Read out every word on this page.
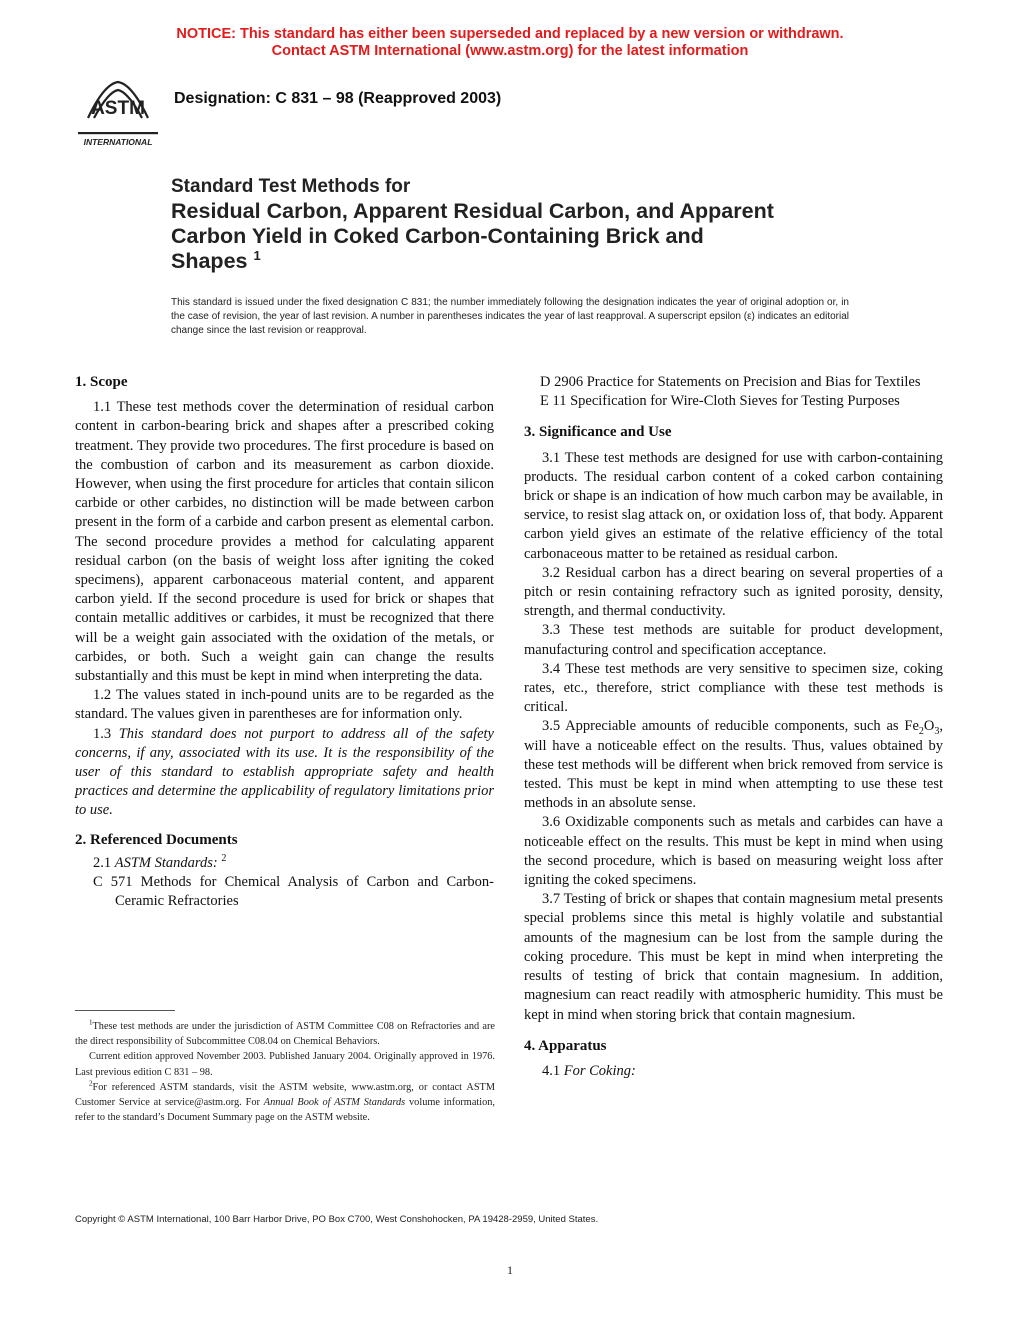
NOTICE: This standard has either been superseded and replaced by a new version or withdrawn.
Contact ASTM International (www.astm.org) for the latest information
ASTM
INTERNATIONAL
Designation: C 831 – 98 (Reapproved 2003)
Standard Test Methods for
Residual Carbon, Apparent Residual Carbon, and Apparent
Carbon Yield in Coked Carbon-Containing Brick and
Shapes $^1$
This standard is issued under the fixed designation C 831; the number immediately following the designation indicates the year of original adoption or, in the case of revision, the year of last revision. A number in parentheses indicates the year of last reapproval. A superscript epsilon (ε) indicates an editorial change since the last revision or reapproval.
1. Scope

1.1 These test methods cover the determination of residual carbon content in carbon-bearing brick and shapes after a prescribed coking treatment. They provide two procedures. The first procedure is based on the combustion of carbon and its measurement as carbon dioxide. However, when using the first procedure for articles that contain silicon carbide or other carbides, no distinction will be made between carbon present in the form of a carbide and carbon present as elemental carbon. The second procedure provides a method for calculating apparent residual carbon (on the basis of weight loss after igniting the coked specimens), apparent carbonaceous material content, and apparent carbon yield. If the second procedure is used for brick or shapes that contain metallic additives or carbides, it must be recognized that there will be a weight gain associated with the oxidation of the metals, or carbides, or both. Such a weight gain can change the results substantially and this must be kept in mind when interpreting the data.

1.2 The values stated in inch-pound units are to be regarded as the standard. The values given in parentheses are for information only.

1.3 This standard does not purport to address all of the safety concerns, if any, associated with its use. It is the responsibility of the user of this standard to establish appropriate safety and health practices and determine the applicability of regulatory limitations prior to use.

2. Referenced Documents

2.1 ASTM Standards: $^2$

C 571 Methods for Chemical Analysis of Carbon and Carbon-Ceramic Refractories

$^1$These test methods are under the jurisdiction of ASTM Committee C08 on Refractories and are the direct responsibility of Subcommittee C08.04 on Chemical Behaviors.

Current edition approved November 2003. Published January 2004. Originally approved in 1976. Last previous edition C 831 – 98.

$^2$For referenced ASTM standards, visit the ASTM website, www.astm.org, or contact ASTM Customer Service at service@astm.org. For Annual Book of ASTM Standards volume information, refer to the standard’s Document Summary page on the ASTM website.

D 2906 Practice for Statements on Precision and Bias for Textiles

E 11 Specification for Wire-Cloth Sieves for Testing Purposes

3. Significance and Use

3.1 These test methods are designed for use with carbon-containing products. The residual carbon content of a coked carbon containing brick or shape is an indication of how much carbon may be available, in service, to resist slag attack on, or oxidation loss of, that body. Apparent carbon yield gives an estimate of the relative efficiency of the total carbonaceous matter to be retained as residual carbon.

3.2 Residual carbon has a direct bearing on several properties of a pitch or resin containing refractory such as ignited porosity, density, strength, and thermal conductivity.

3.3 These test methods are suitable for product development, manufacturing control and specification acceptance.

3.4 These test methods are very sensitive to specimen size, coking rates, etc., therefore, strict compliance with these test methods is critical.

3.5 Appreciable amounts of reducible components, such as $Fe_2O_3$, will have a noticeable effect on the results. Thus, values obtained by these test methods will be different when brick removed from service is tested. This must be kept in mind when attempting to use these test methods in an absolute sense.

3.6 Oxidizable components such as metals and carbides can have a noticeable effect on the results. This must be kept in mind when using the second procedure, which is based on measuring weight loss after igniting the coked specimens.

3.7 Testing of brick or shapes that contain magnesium metal presents special problems since this metal is highly volatile and substantial amounts of the magnesium can be lost from the sample during the coking procedure. This must be kept in mind when interpreting the results of testing of brick that contain magnesium. In addition, magnesium can react readily with atmospheric humidity. This must be kept in mind when storing brick that contain magnesium.

4. Apparatus

4.1 For Coking:

Copyright © ASTM International, 100 Barr Harbor Drive, PO Box C700, West Conshohocken, PA 19428-2959, United States.
1
